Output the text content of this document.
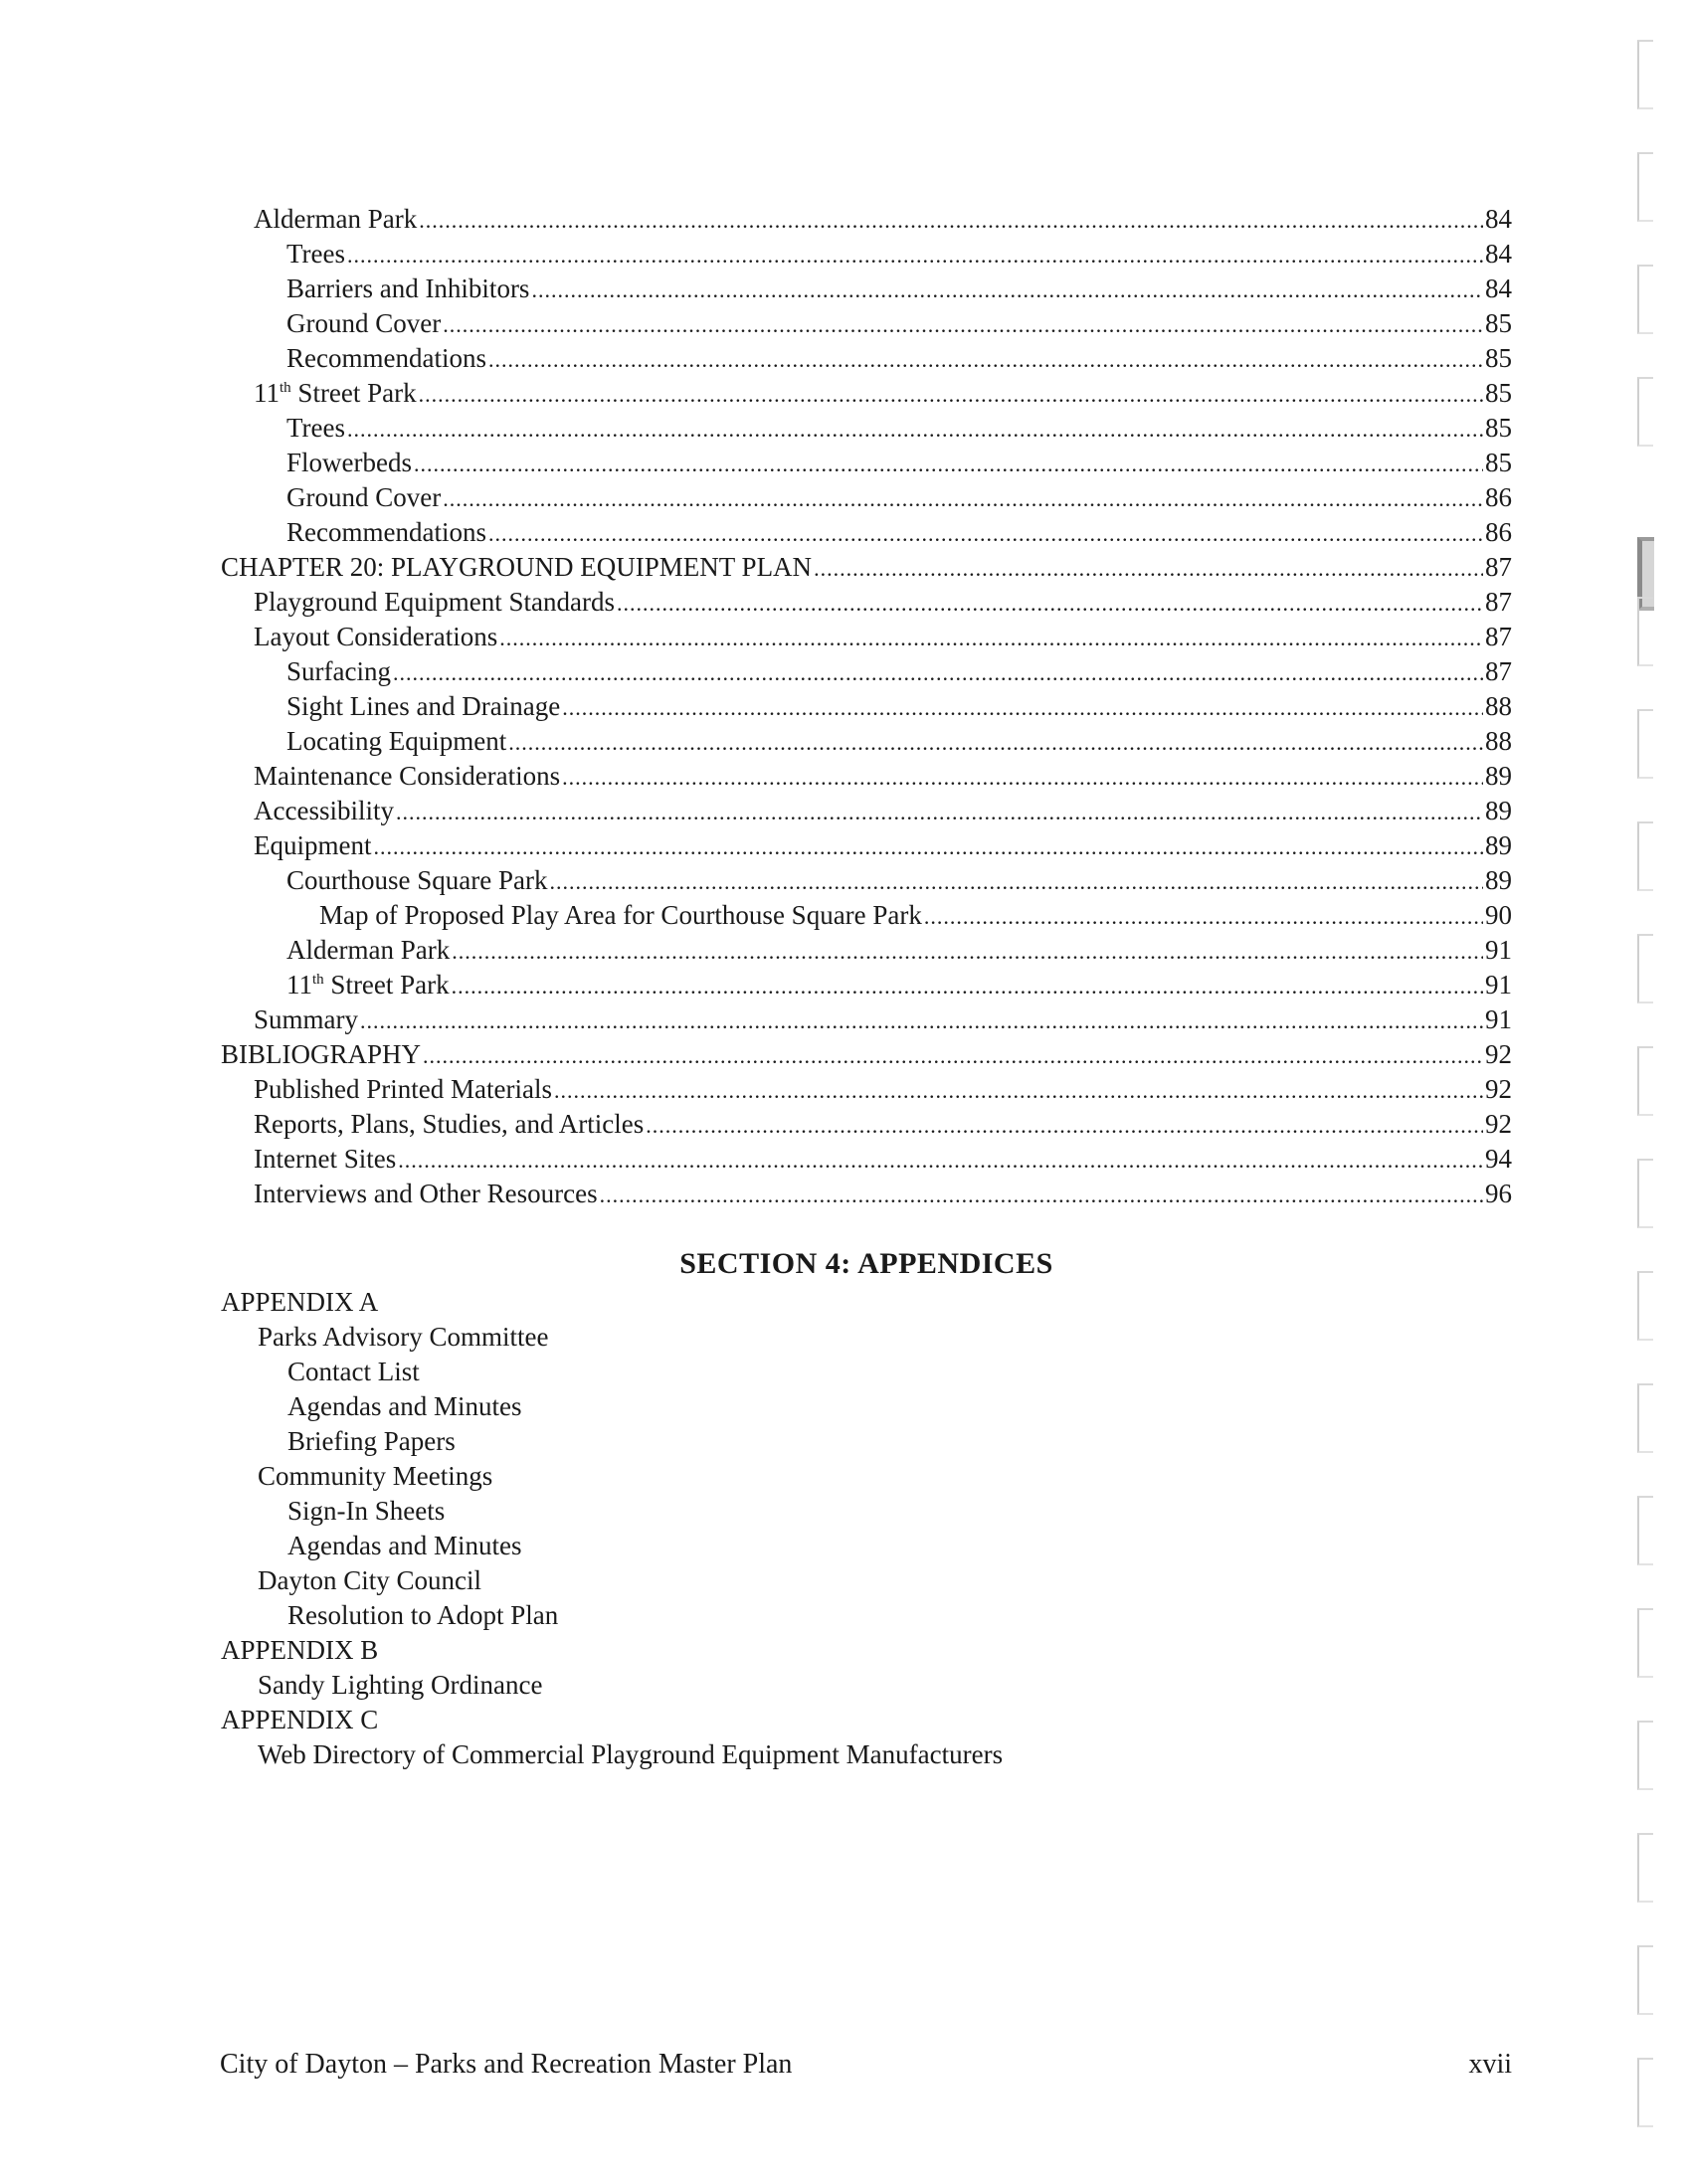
Alderman Park .....	84
Trees .....	84
Barriers and Inhibitors .....	84
Ground Cover .....	85
Recommendations .....	85
11th Street Park .....	85
Trees .....	85
Flowerbeds .....	85
Ground Cover .....	86
Recommendations .....	86
CHAPTER 20: PLAYGROUND EQUIPMENT PLAN .....	87
Playground Equipment Standards .....	87
Layout Considerations .....	87
Surfacing .....	87
Sight Lines and Drainage .....	88
Locating Equipment .....	88
Maintenance Considerations .....	89
Accessibility .....	89
Equipment .....	89
Courthouse Square Park .....	89
Map of Proposed Play Area for Courthouse Square Park .....	90
Alderman Park .....	91
11th Street Park .....	91
Summary .....	91
BIBLIOGRAPHY .....	92
Published Printed Materials .....	92
Reports, Plans, Studies, and Articles .....	92
Internet Sites .....	94
Interviews and Other Resources .....	96
SECTION 4: APPENDICES
APPENDIX A
Parks Advisory Committee
Contact List
Agendas and Minutes
Briefing Papers
Community Meetings
Sign-In Sheets
Agendas and Minutes
Dayton City Council
Resolution to Adopt Plan
APPENDIX B
Sandy Lighting Ordinance
APPENDIX C
Web Directory of Commercial Playground Equipment Manufacturers
City of Dayton – Parks and Recreation Master Plan	xvii
